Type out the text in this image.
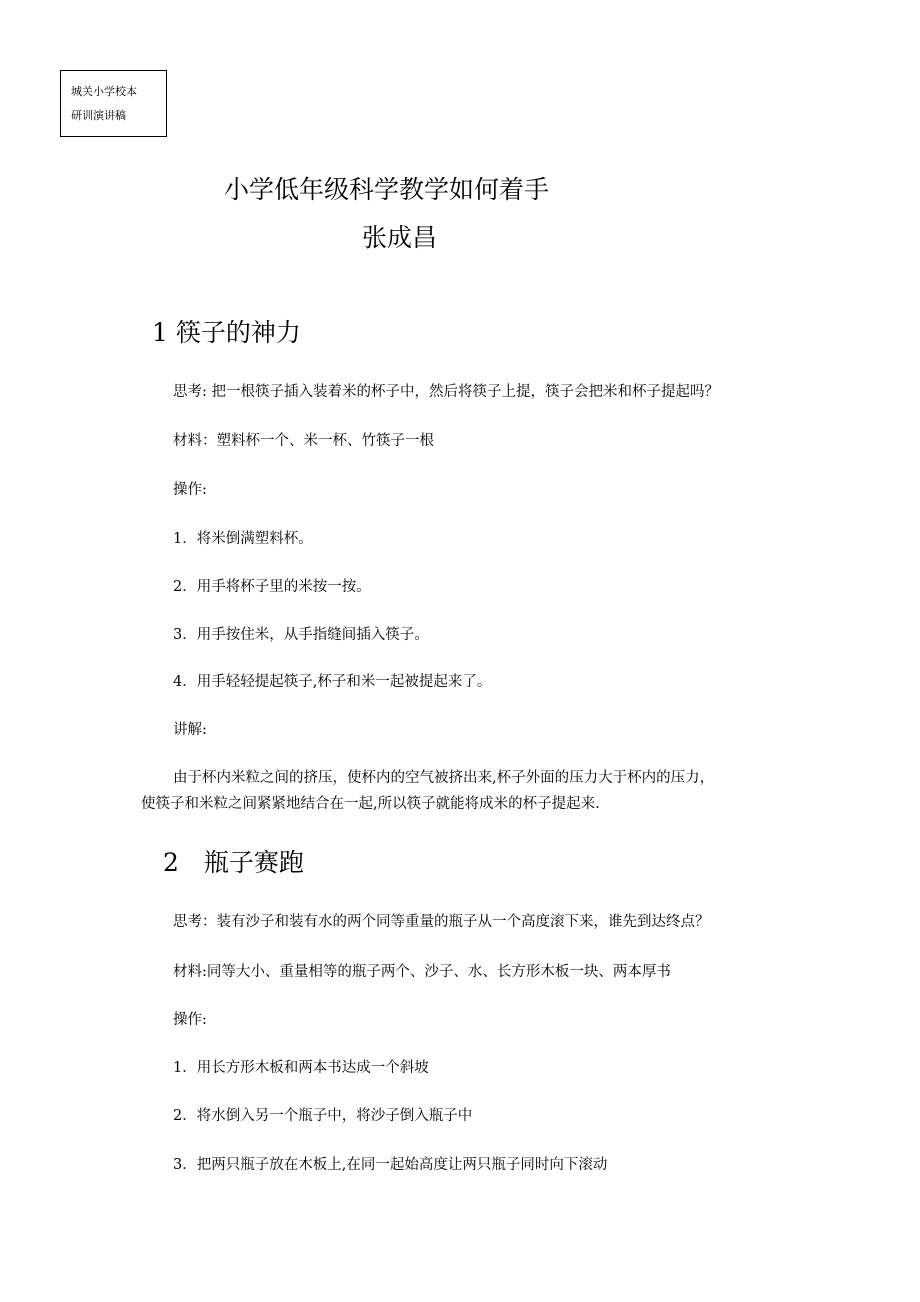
城关小学校本
研训演讲稿
小学低年级科学教学如何着手
张成昌
1 筷子的神力
思考: 把一根筷子插入装着米的杯子中，然后将筷子上提，筷子会把米和杯子提起吗？
材料：塑料杯一个、米一杯、竹筷子一根
操作:
1．将米倒满塑料杯。
2．用手将杯子里的米按一按。
3．用手按住米，从手指缝间插入筷子。
4．用手轻轻提起筷子,杯子和米一起被提起来了。
讲解:
由于杯内米粒之间的挤压，使杯内的空气被挤出来,杯子外面的压力大于杯内的压力，
使筷子和米粒之间紧紧地结合在一起,所以筷子就能将成米的杯子提起来.
2　瓶子赛跑
思考：装有沙子和装有水的两个同等重量的瓶子从一个高度滚下来，谁先到达终点？
材料:同等大小、重量相等的瓶子两个、沙子、水、长方形木板一块、两本厚书
操作:
1．用长方形木板和两本书达成一个斜坡
2．将水倒入另一个瓶子中，将沙子倒入瓶子中
3．把两只瓶子放在木板上,在同一起始高度让两只瓶子同时向下滚动
